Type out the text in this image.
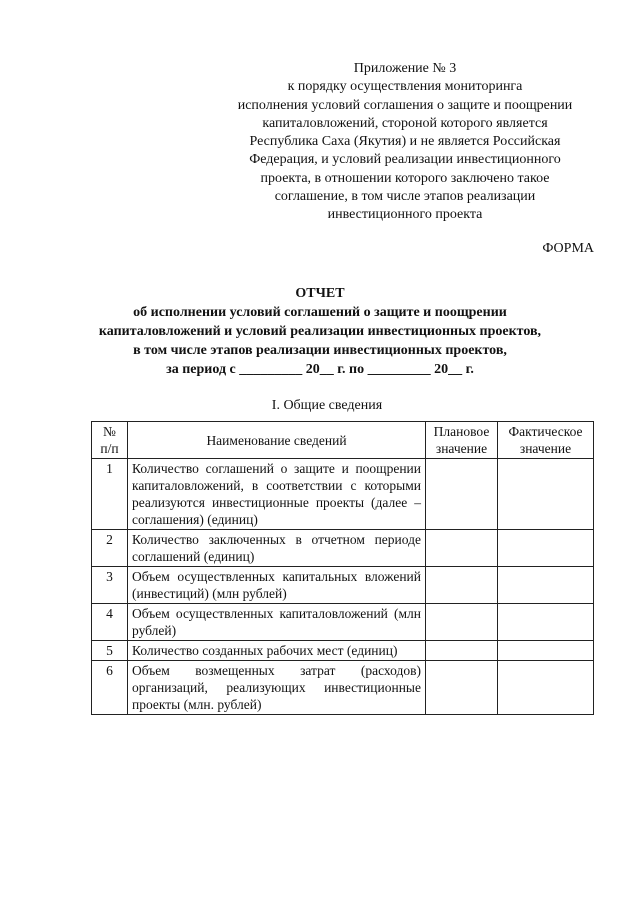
Приложение № 3
к порядку осуществления мониторинга
исполнения условий соглашения о защите и поощрении
капиталовложений, стороной которого является
Республика Саха (Якутия) и не является Российская
Федерация, и условий реализации инвестиционного
проекта, в отношении которого заключено такое
соглашение, в том числе этапов реализации
инвестиционного проекта
ФОРМА
ОТЧЕТ
об исполнении условий соглашений о защите и поощрении
капиталовложений и условий реализации инвестиционных проектов,
в том числе этапов реализации инвестиционных проектов,
за период с _________ 20__ г. по _________ 20__ г.
I. Общие сведения
№ п/п	Наименование сведений	Плановое значение	Фактическое значение
1	Количество соглашений о защите и поощрении капиталовложений, в соответствии с которыми реализуются инвестиционные проекты (далее – соглашения) (единиц)		
2	Количество заключенных в отчетном периоде соглашений (единиц)		
3	Объем осуществленных капитальных вложений (инвестиций) (млн рублей)		
4	Объем осуществленных капиталовложений (млн рублей)		
5	Количество созданных рабочих мест (единиц)		
6	Объем возмещенных затрат (расходов) организаций, реализующих инвестиционные проекты (млн. рублей)		
